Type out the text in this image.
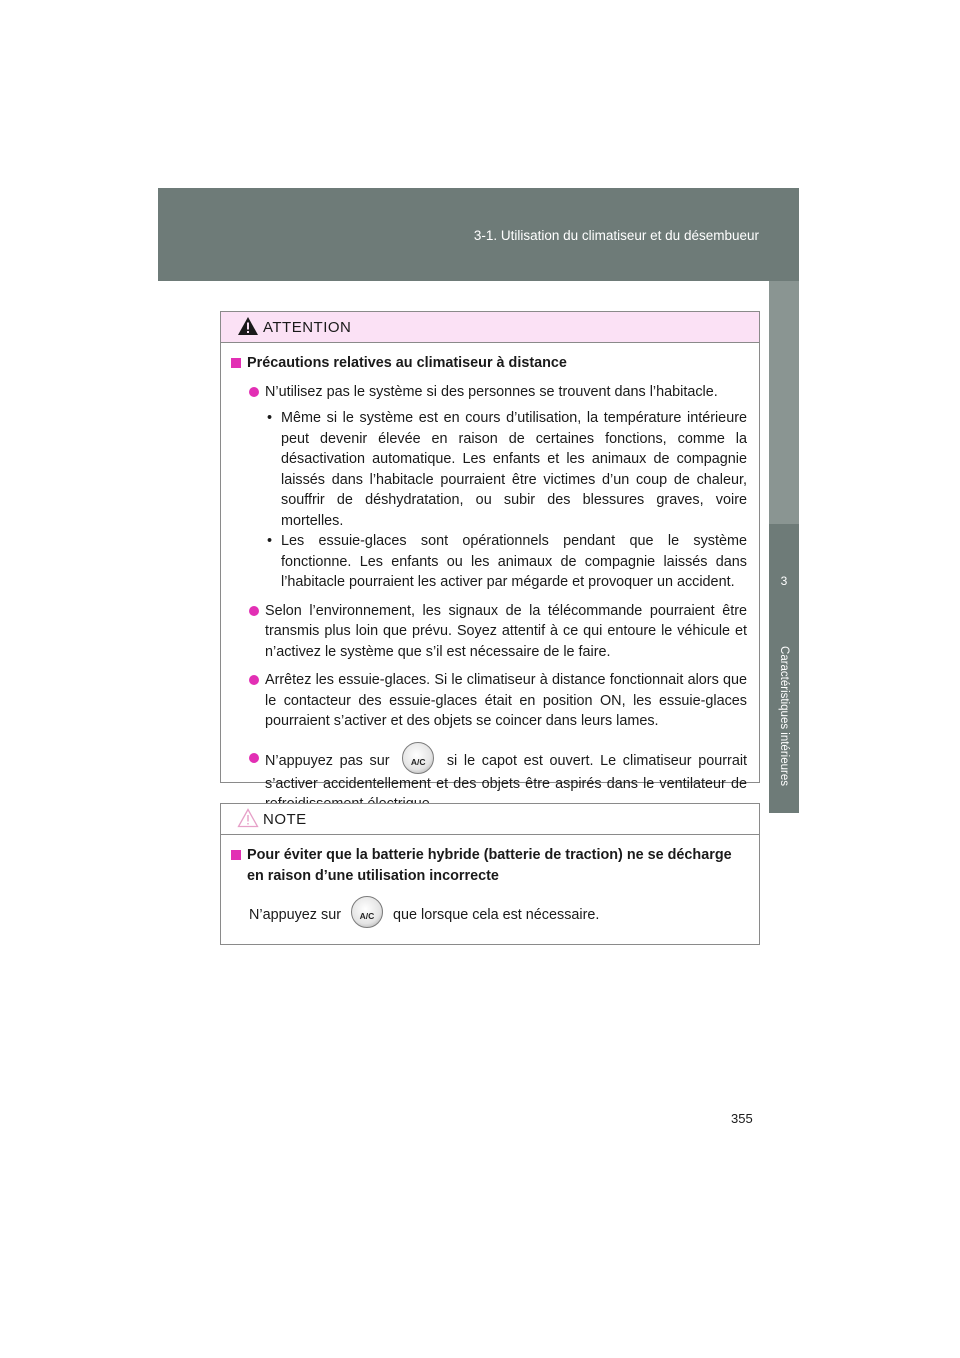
3-1. Utilisation du climatiseur et du désembueur
3
Caractéristiques intérieures
ATTENTION
Précautions relatives au climatiseur à distance
N’utilisez pas le système si des personnes se trouvent dans l’habitacle.
• Même si le système est en cours d’utilisation, la température intérieure peut devenir élevée en raison de certaines fonctions, comme la désactivation automatique. Les enfants et les animaux de compagnie laissés dans l’habitacle pourraient être victimes d’un coup de chaleur, souffrir de déshydratation, ou subir des blessures graves, voire mortelles.
• Les essuie-glaces sont opérationnels pendant que le système fonctionne. Les enfants ou les animaux de compagnie laissés dans l’habitacle pourraient les activer par mégarde et provoquer un accident.
Selon l’environnement, les signaux de la télécommande pourraient être transmis plus loin que prévu. Soyez attentif à ce qui entoure le véhicule et n’activez le système que s’il est nécessaire de le faire.
Arrêtez les essuie-glaces. Si le climatiseur à distance fonctionnait alors que le contacteur des essuie-glaces était en position ON, les essuie-glaces pourraient s’activer et des objets se coincer dans leurs lames.
N’appuyez pas sur	A/C	si le capot est ouvert. Le climatiseur pourrait s’activer accidentellement et des objets être aspirés dans le ventilateur de
NOTE
Pour éviter que la batterie hybride (batterie de traction) ne se décharge en raison d’une utilisation incorrecte
N’appuyez sur	A/C	que lorsque cela est nécessaire.
355
